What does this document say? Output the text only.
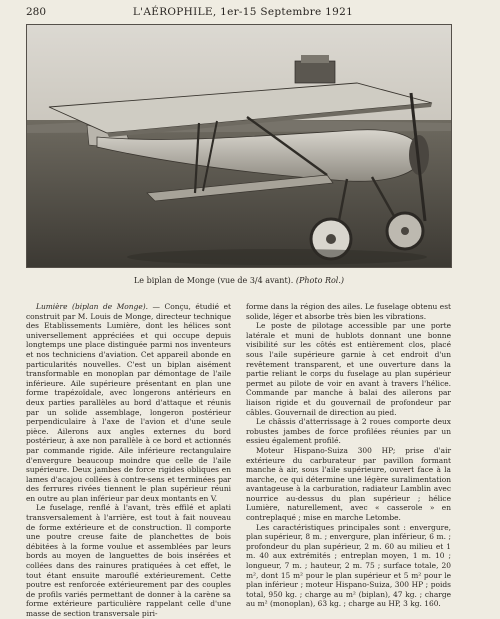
280	L'AÉROPHILE, 1er-15 Septembre 1921
Le biplan de Monge (vue de 3/4 avant). (Photo Rol.)

Lumière (biplan de Monge). — Conçu, étudié et construit par M. Louis de Monge, directeur technique des Etablissements Lumière, dont les hélices sont universellement appréciées et qui occupe depuis longtemps une place distinguée parmi nos inventeurs et nos techniciens d'aviation. Cet appareil abonde en particularités nouvelles. C'est un biplan aisément transformable en monoplan par démontage de l'aile inférieure. Aile supérieure présentant en plan une forme trapézoïdale, avec longerons antérieurs en deux parties parallèles au bord d'attaque et réunis par un solide assemblage, longeron postérieur perpendiculaire à l'axe de l'avion et d'une seule pièce. Ailerons aux angles externes du bord postérieur, à axe non parallèle à ce bord et actionnés par commande rigide. Aile inférieure rectangulaire d'envergure beaucoup moindre que celle de l'aile supérieure. Deux jambes de force rigides obliques en lames d'acajou collées à contre-sens et terminées par des ferrures rivées tiennent le plan supérieur réuni en outre au plan inférieur par deux montants en V.

Le fuselage, renflé à l'avant, très effilé et aplati transversalement à l'arrière, est tout à fait nouveau de forme extérieure et de construction. Il comporte une poutre creuse faite de planchettes de bois débitées à la forme voulue et assemblées par leurs bords au moyen de languettes de bois insérées et collées dans des rainures pratiquées à cet effet, le tout étant ensuite marouflé extérieurement. Cette poutre est renforcée extérieurement par des couples de profils variés permettant de donner à la carène sa forme extérieure particulière rappelant celle d'une masse de section transversale piri-

forme dans la région des ailes. Le fuselage obtenu est solide, léger et absorbe très bien les vibrations.

Le poste de pilotage accessible par une porte latérale et muni de hublots donnant une bonne visibilité sur les côtés est entièrement clos, placé sous l'aile supérieure garnie à cet endroit d'un revêtement transparent, et une ouverture dans la partie reliant le corps du fuselage au plan supérieur permet au pilote de voir en avant à travers l'hélice. Commande par manche à balai des ailerons par liaison rigide et du gouvernail de profondeur par câbles. Gouvernail de direction au pied.

Le châssis d'atterrissage à 2 roues comporte deux robustes jambes de force profilées réunies par un essieu également profilé.

Moteur Hispano-Suiza 300 HP; prise d'air extérieure du carburateur par pavillon formant manche à air, sous l'aile supérieure, ouvert face à la marche, ce qui détermine une légère suralimentation avantageuse à la carburation, radiateur Lamblin avec nourrice au-dessus du plan supérieur ; hélice Lumière, naturellement, avec « casserole » en contreplaqué ; mise en marche Letombe.

Les caractéristiques principales sont : envergure, plan supérieur, 8 m. ; envergure, plan inférieur, 6 m. ; profondeur du plan supérieur, 2 m. 60 au milieu et 1 m. 40 aux extrémités ; entreplan moyen, 1 m. 10 ; longueur, 7 m. ; hauteur, 2 m. 75 ; surface totale, 20 m², dont 15 m² pour le plan supérieur et 5 m² pour le plan inférieur ; moteur Hispano-Suiza, 300 HP ; poids total, 950 kg. ; charge au m² (biplan), 47 kg. ; charge au m² (monoplan), 63 kg. ; charge au HP, 3 kg. 160.
